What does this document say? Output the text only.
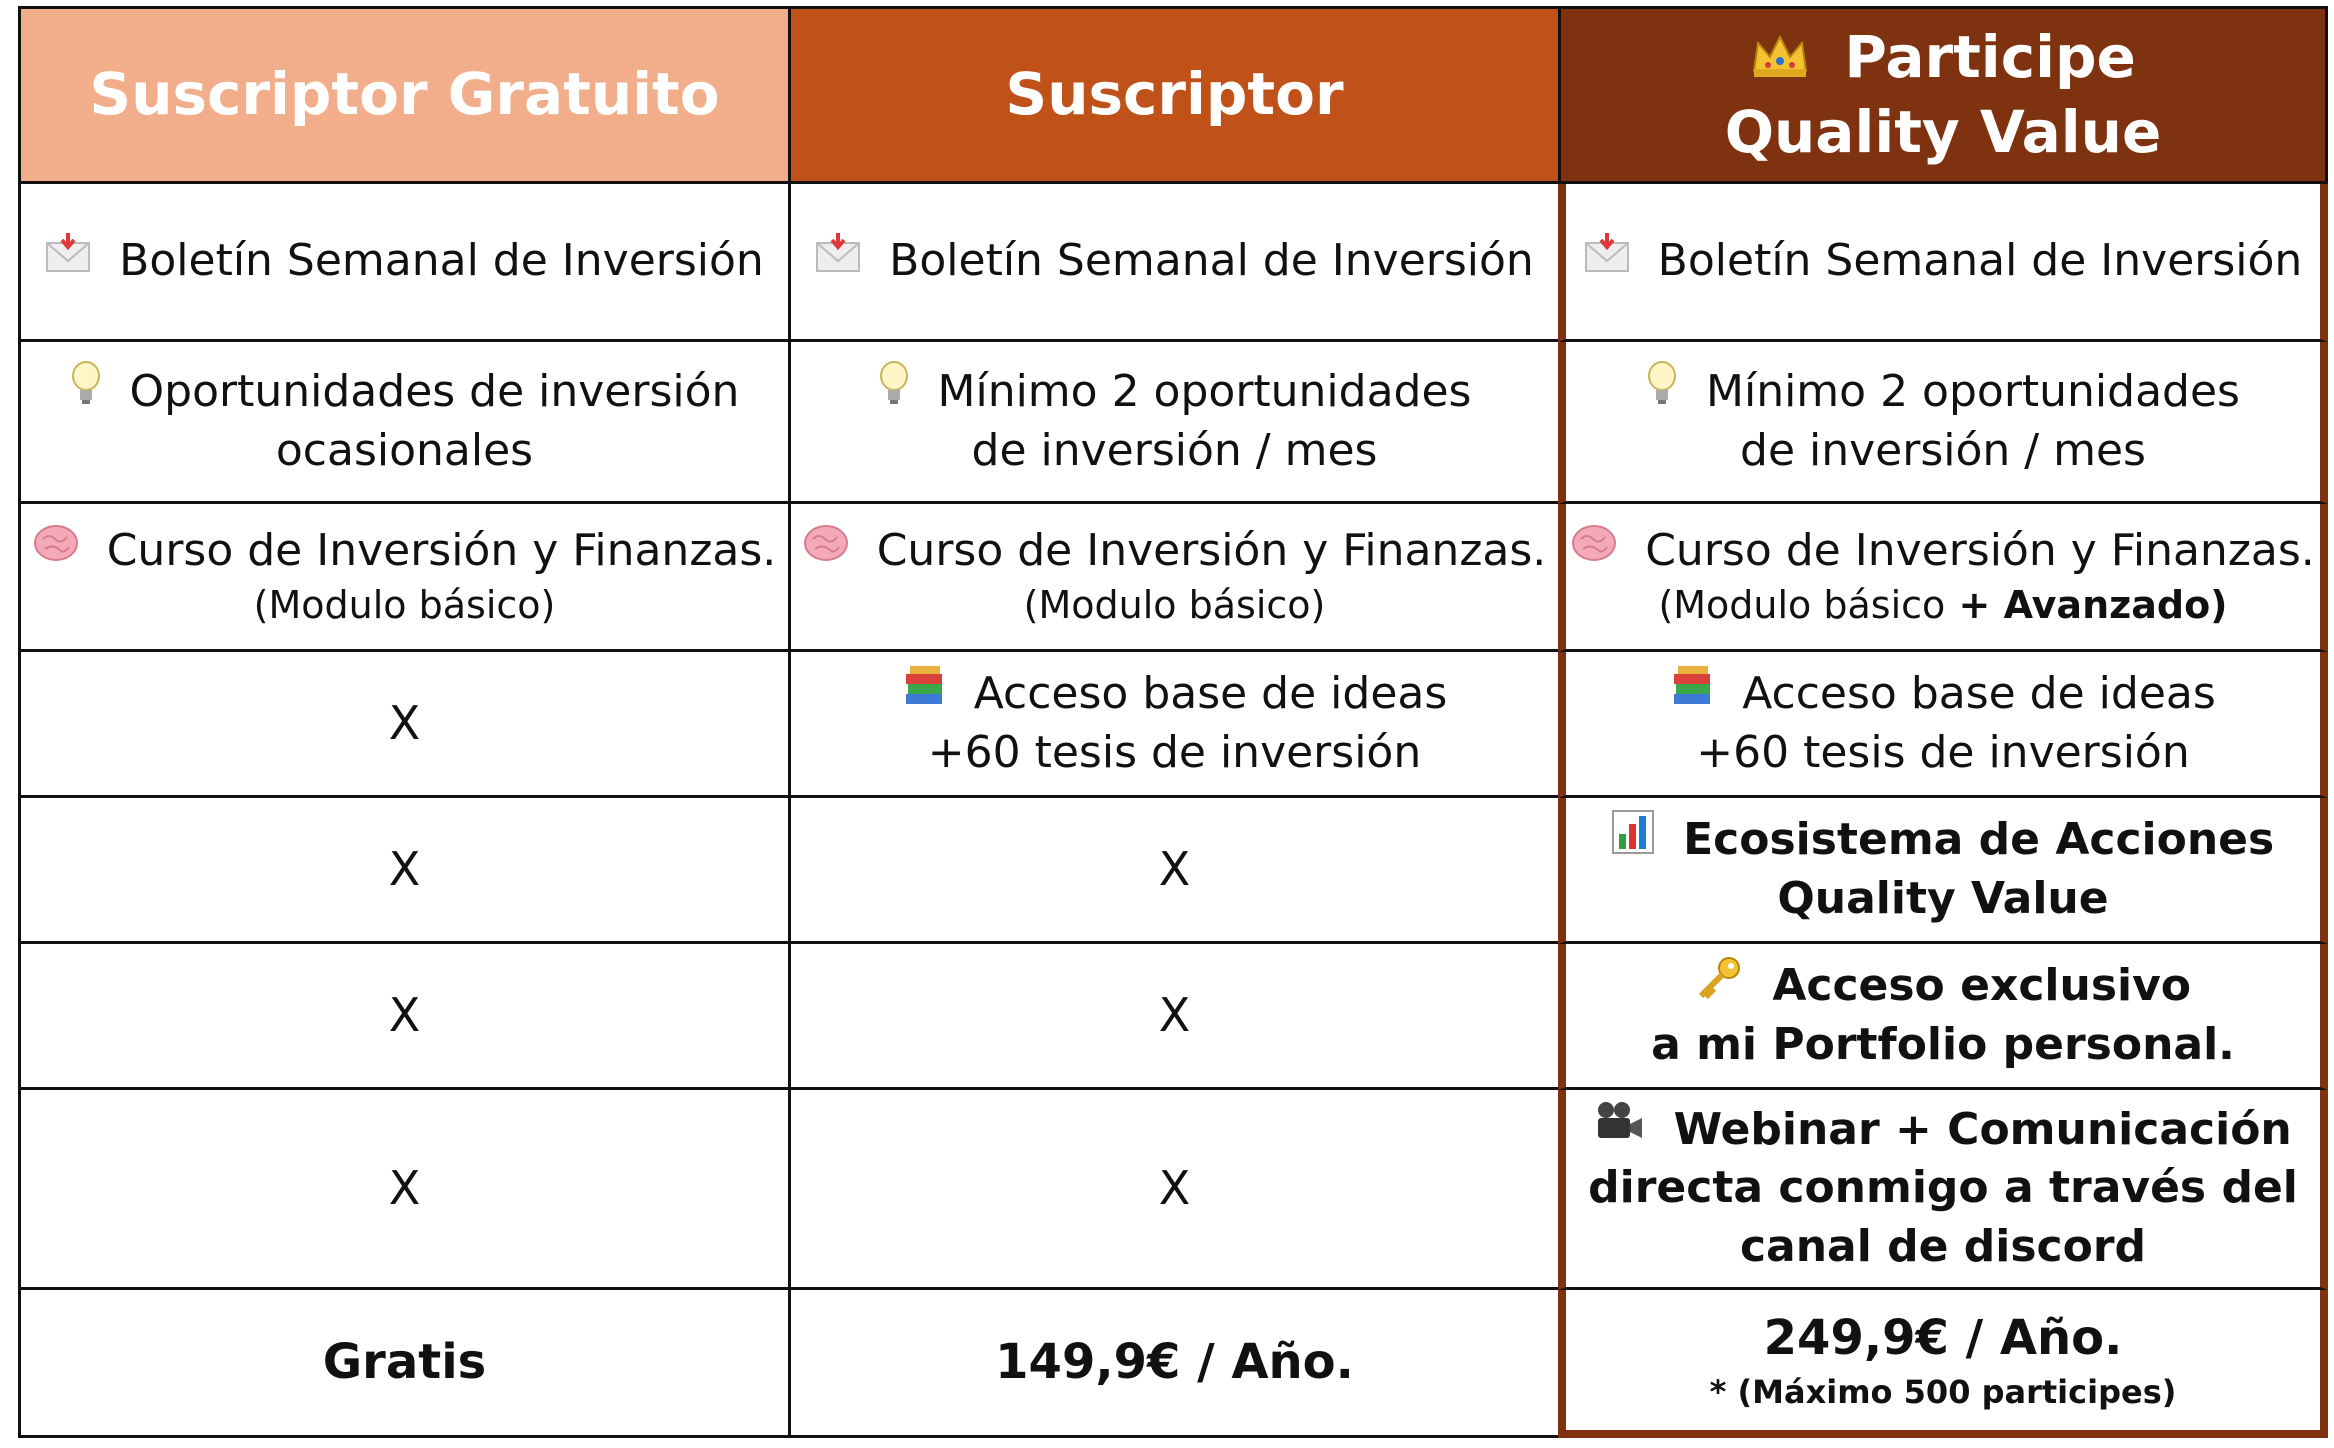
Suscriptor Gratuito
Boletín Semanal de Inversión
Oportunidades de inversión
ocasionales
Curso de Inversión y Finanzas.
(Modulo básico)
X
X
X
X
Gratis
Suscriptor
Boletín Semanal de Inversión
Mínimo 2 oportunidades
de inversión / mes
Curso de Inversión y Finanzas.
(Modulo básico)
Acceso base de ideas
+60 tesis de inversión
X
X
X
149,9€ / Año.
Participe
Quality Value
Boletín Semanal de Inversión
Mínimo 2 oportunidades
de inversión / mes
Curso de Inversión y Finanzas.
(Modulo básico + Avanzado)
Acceso base de ideas
+60 tesis de inversión
Ecosistema de Acciones
Quality Value
Acceso exclusivo
a mi Portfolio personal.
Webinar + Comunicación
directa conmigo a través del
canal de discord
249,9€ / Año.
* (Máximo 500 participes)
